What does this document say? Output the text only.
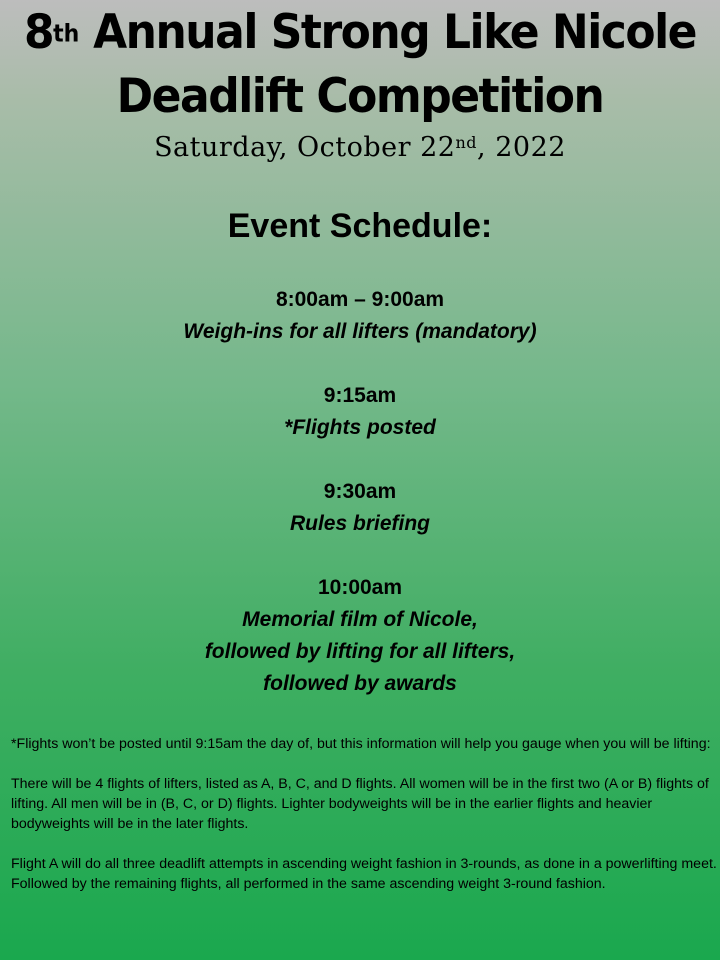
8th Annual Strong Like Nicole
Deadlift Competition
Saturday, October 22nd, 2022
Event Schedule:
8:00am – 9:00am
Weigh-ins for all lifters (mandatory)
9:15am
*Flights posted
9:30am
Rules briefing
10:00am
Memorial film of Nicole,
followed by lifting for all lifters,
followed by awards

*Flights won’t be posted until 9:15am the day of, but this information will help you gauge when you will be lifting:

There will be 4 flights of lifters, listed as A, B, C, and D flights. All women will be in the first two (A or B) flights of lifting. All men will be in (B, C, or D) flights. Lighter bodyweights will be in the earlier flights and heavier bodyweights will be in the later flights.

Flight A will do all three deadlift attempts in ascending weight fashion in 3-rounds, as done in a powerlifting meet. Followed by the remaining flights, all performed in the same ascending weight 3-round fashion.
